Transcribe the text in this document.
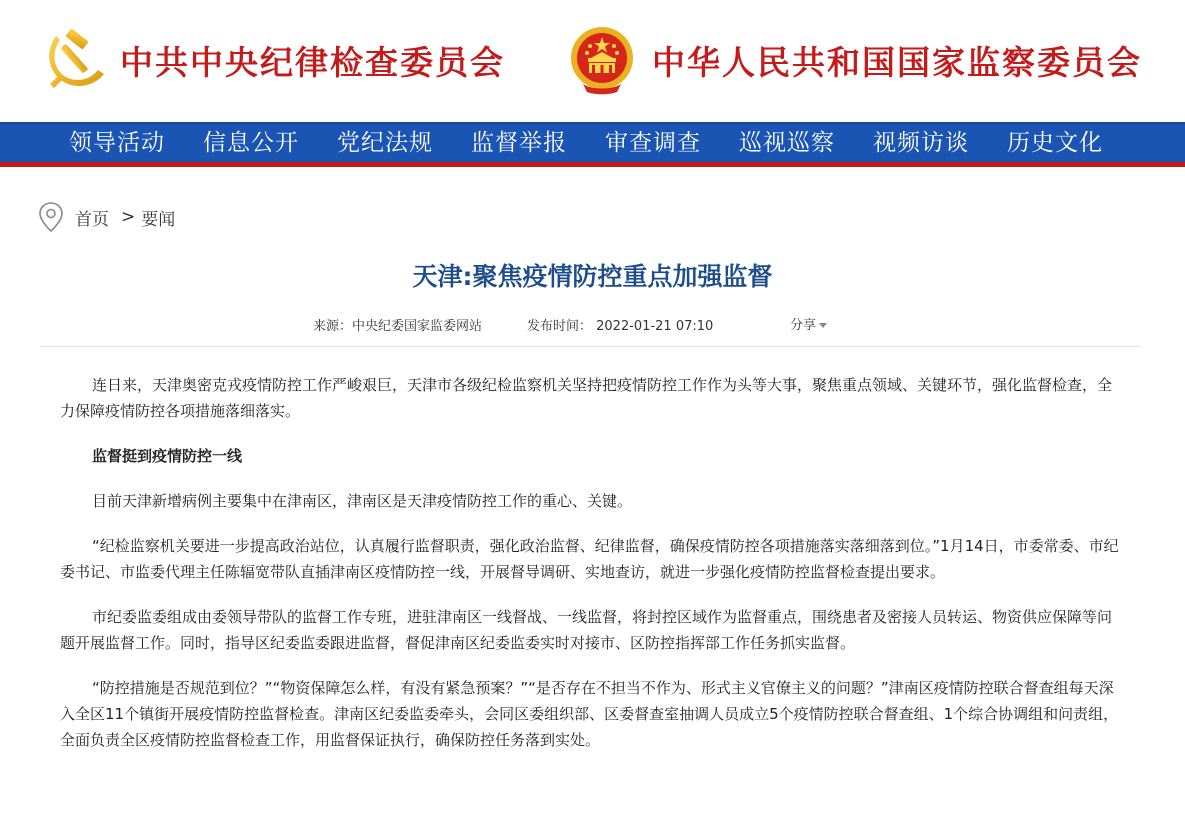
中共中央纪律检查委员会	中华人民共和国国家监察委员会
领导活动 信息公开 党纪法规 监督举报 审查调查 巡视巡察 视频访谈 历史文化
首页 > 要闻
天津:聚焦疫情防控重点加强监督
来源：中央纪委国家监委网站	发布时间： 2022-01-21 07:10	分享

连日来，天津奥密克戎疫情防控工作严峻艰巨，天津市各级纪检监察机关坚持把疫情防控工作作为头等大事，聚焦重点领域、关键环节，强化监督检查，全力保障疫情防控各项措施落细落实。

监督挺到疫情防控一线

目前天津新增病例主要集中在津南区，津南区是天津疫情防控工作的重心、关键。

“纪检监察机关要进一步提高政治站位，认真履行监督职责，强化政治监督、纪律监督，确保疫情防控各项措施落实落细落到位。”1月14日，市委常委、市纪委书记、市监委代理主任陈辐宽带队直插津南区疫情防控一线，开展督导调研、实地查访，就进一步强化疫情防控监督检查提出要求。

市纪委监委组成由委领导带队的监督工作专班，进驻津南区一线督战、一线监督，将封控区域作为监督重点，围绕患者及密接人员转运、物资供应保障等问题开展监督工作。同时，指导区纪委监委跟进监督，督促津南区纪委监委实时对接市、区防控指挥部工作任务抓实监督。

“防控措施是否规范到位？”“物资保障怎么样，有没有紧急预案？”“是否存在不担当不作为、形式主义官僚主义的问题？”津南区疫情防控联合督查组每天深入全区11个镇街开展疫情防控监督检查。津南区纪委监委牵头，会同区委组织部、区委督查室抽调人员成立5个疫情防控联合督查组、1个综合协调组和问责组，全面负责全区疫情防控监督检查工作，用监督保证执行，确保防控任务落到实处。
